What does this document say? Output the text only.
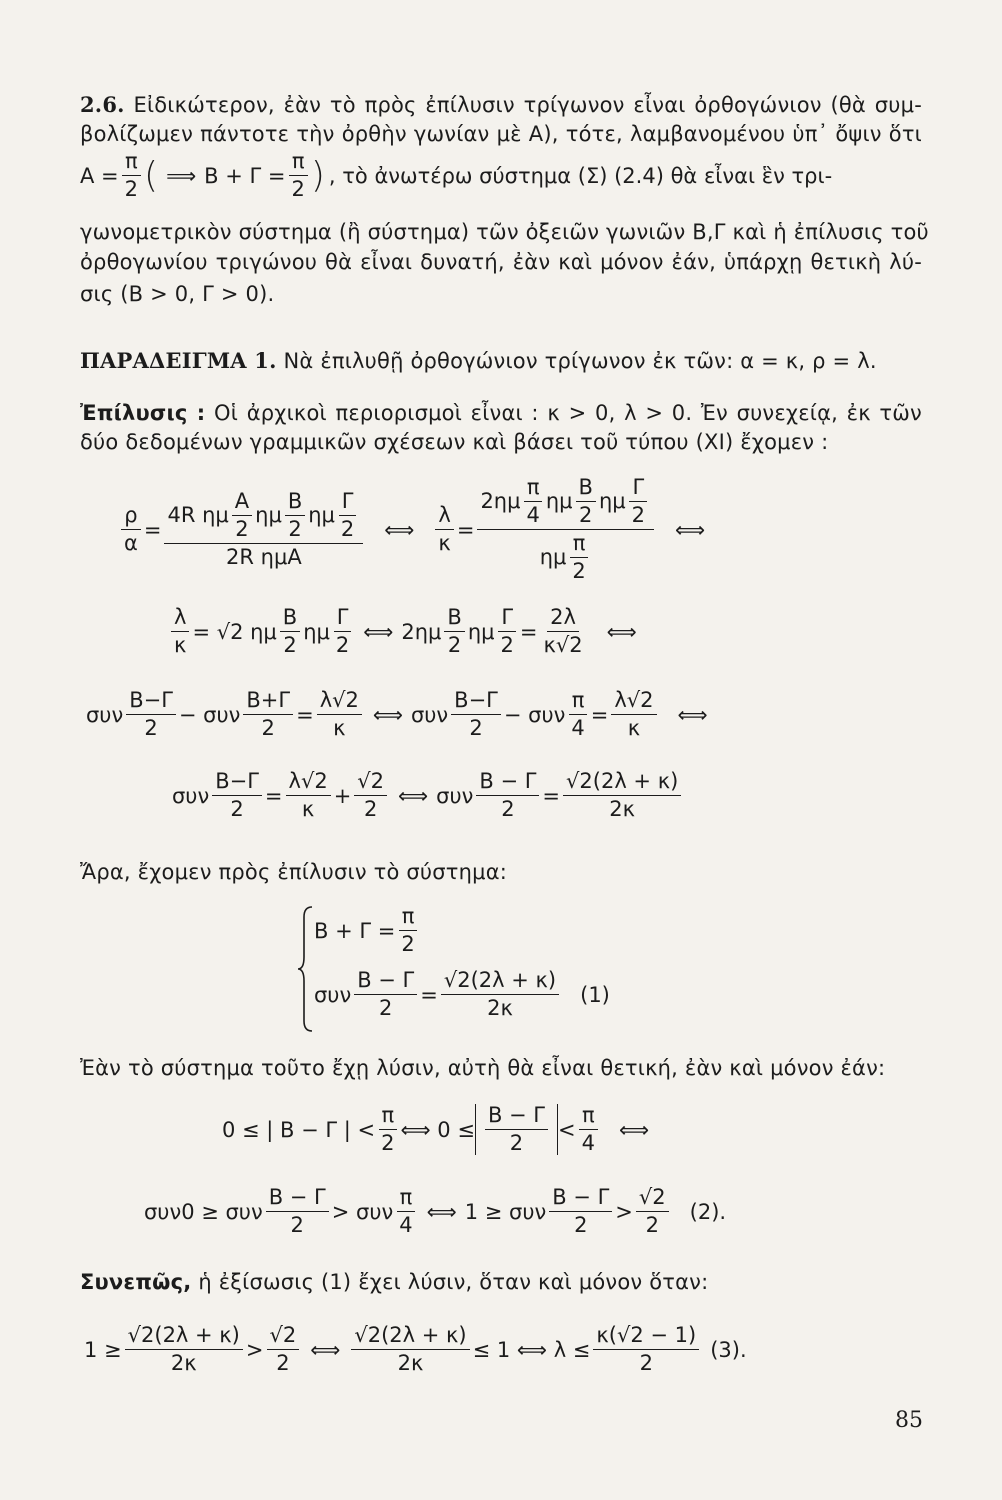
2.6. Εἰδικώτερον, ἐὰν τὸ πρὸς ἐπίλυσιν τρίγωνον εἶναι ὀρθογώνιον (θὰ συμ-
βολίζωμεν πάντοτε τὴν ὀρθὴν γωνίαν μὲ Α), τότε, λαμβανομένου ὑπ᾿ ὄψιν ὅτι
$A = \frac{\pi}{2}$ ( ⟹ $B + \Gamma = \frac{\pi}{2}$ ) , τὸ ἀνωτέρω σύστημα (Σ) (2.4) θὰ εἶναι ἓν τρι-
γωνομετρικὸν σύστημα (ἢ σύστημα) τῶν ὀξειῶν γωνιῶν Β,Γ καὶ ἡ ἐπίλυσις τοῦ
ὀρθογωνίου τριγώνου θὰ εἶναι δυνατή, ἐὰν καὶ μόνον ἐάν, ὑπάρχῃ θετικὴ λύ-
σις (Β > 0, Γ > 0).
ΠΑΡΑΔΕΙΓΜΑ 1. Νὰ ἐπιλυθῇ ὀρθογώνιον τρίγωνον ἐκ τῶν: α = κ, ρ = λ.
Ἐπίλυσις : Οἱ ἀρχικοὶ περιορισμοὶ εἶναι : κ > 0, λ > 0. Ἐν συνεχείᾳ, ἐκ τῶν
δύο δεδομένων γραμμικῶν σχέσεων καὶ βάσει τοῦ τύπου (ΧΙ) ἔχομεν :
$\frac{\rho}{\alpha} = \frac{4R \eta\mu \frac{A}{2} \eta\mu \frac{B}{2} \eta\mu \frac{\Gamma}{2}}{\text{2R ημΑ}}$ ⟺ $\frac{\lambda}{\kappa} = \frac{2\eta\mu \frac{\pi}{4} \eta\mu \frac{B}{2} \eta\mu \frac{\Gamma}{2}}{\eta\mu \frac{\pi}{2}}$ ⟺
$\frac{\lambda}{\kappa} = √2$ ημ $\frac{B}{2}$ ημ $\frac{\Gamma}{2}$ ⟺ $2\eta\mu \frac{B}{2}$ ημ $\frac{\Gamma}{2} = \frac{2\lambda}{\kappa√2}$ ⟺
συν $\frac{B-\Gamma}{2} - \sigma\upsilon\nu \frac{B+\Gamma}{2} = \frac{\lambda√2}{\kappa}$ ⟺ συν $\frac{B-\Gamma}{2} - \sigma\upsilon\nu \frac{\pi}{4} = \frac{\lambda√2}{\kappa}$ ⟺
συν $\frac{B-\Gamma}{2} = \frac{\lambda√2}{\kappa} + \frac{√2}{2}$ ⟺ συν $\frac{B - \Gamma}{2} = \frac{√2(2\lambda + \kappa)}{2\kappa}$
Ἄρα, ἔχομεν πρὸς ἐπίλυσιν τὸ σύστημα:
$B + \Gamma = \frac{\pi}{2}$
συν $\frac{B - \Gamma}{2} = \frac{√2(2\lambda + \kappa)}{2\kappa} (1)$
Ἐὰν τὸ σύστημα τοῦτο ἔχῃ λύσιν, αὐτὴ θὰ εἶναι θετική, ἐὰν καὶ μόνον ἐάν:
0 ≤ | Β − Γ | < $\frac{\pi}{2}$ ⟺ $0 \le \frac{B - \Gamma}{2} < \frac{\pi}{4}$ ⟺
συν0 ≥ συν $\frac{B - \Gamma}{2} > \sigma\upsilon\nu \frac{\pi}{4}$ ⟺ 1 ≥ συν $\frac{B - \Gamma}{2} > \frac{√2}{2} (2)$.
Συνεπῶς, ἡ ἐξίσωσις (1) ἔχει λύσιν, ὅταν καὶ μόνον ὅταν:
$1 \ge \frac{√2(2\lambda + \kappa)}{2\kappa} > \frac{√2}{2}$ ⟺ $\frac{√2(2\lambda + \kappa)}{2\kappa} \le 1$ ⟺ $\lambda \le \frac{\kappa(√2 - 1)}{2} (3)$.
85
